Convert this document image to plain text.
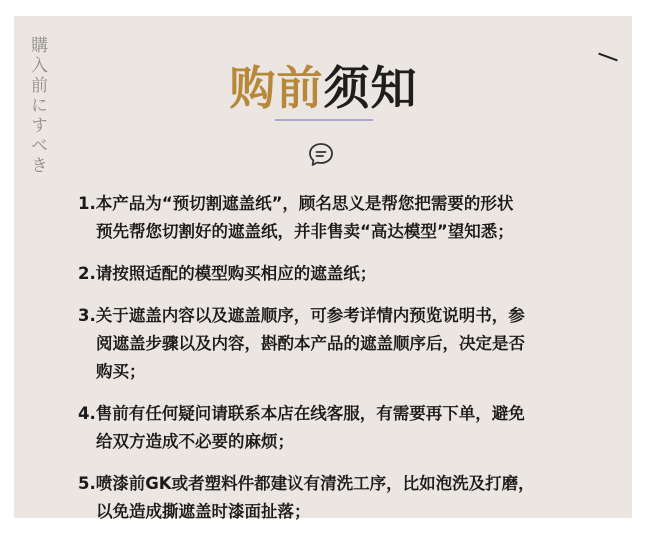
購入前にすべき	购前须知
1.本产品为“预切割遮盖纸”，顾名思义是帮您把需要的形状
预先帮您切割好的遮盖纸，并非售卖“高达模型”望知悉；
2.请按照适配的模型购买相应的遮盖纸；
3.关于遮盖内容以及遮盖顺序，可参考详情内预览说明书，参
阅遮盖步骤以及内容，斟酌本产品的遮盖顺序后，决定是否
购买；
4.售前有任何疑问请联系本店在线客服，有需要再下单，避免
给双方造成不必要的麻烦；
5.喷漆前GK或者塑料件都建议有清洗工序，比如泡洗及打磨，
以免造成撕遮盖时漆面扯落；
